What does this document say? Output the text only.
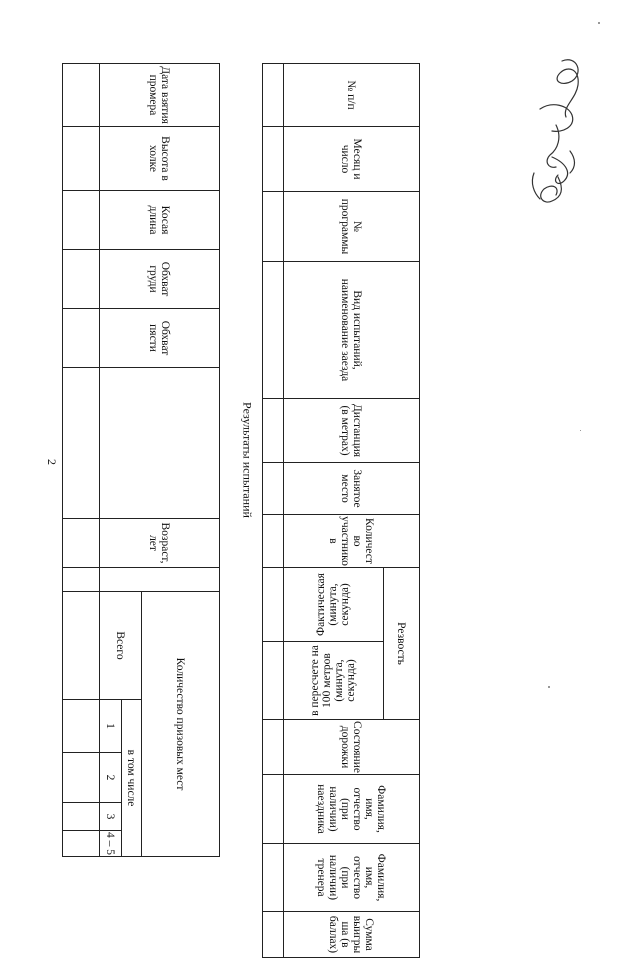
2
Дата взятия промера	Высота в холке	Косая длина	Обхват груди	Обхват пясти		Возраст, лет		Количество призовых мест				
								Всего	в том числе			
									1	2	3	4 – 5

Результаты испытаний
№ п/п	Месяц и число	№ программы	Вид испытаний, наименование заезда	Дистанция (в метрах)	Занятое место	Количество участников	Резвость		Состояние дорожки	Фамилия, имя, отчество (при наличии) наездника	Фамилия, имя, отчество (при наличии) тренера	Сумма выигрыша (в баллах)
							Фактическая (минута, секунда)	в пересчете на 100 метров (минута, секунда)				
